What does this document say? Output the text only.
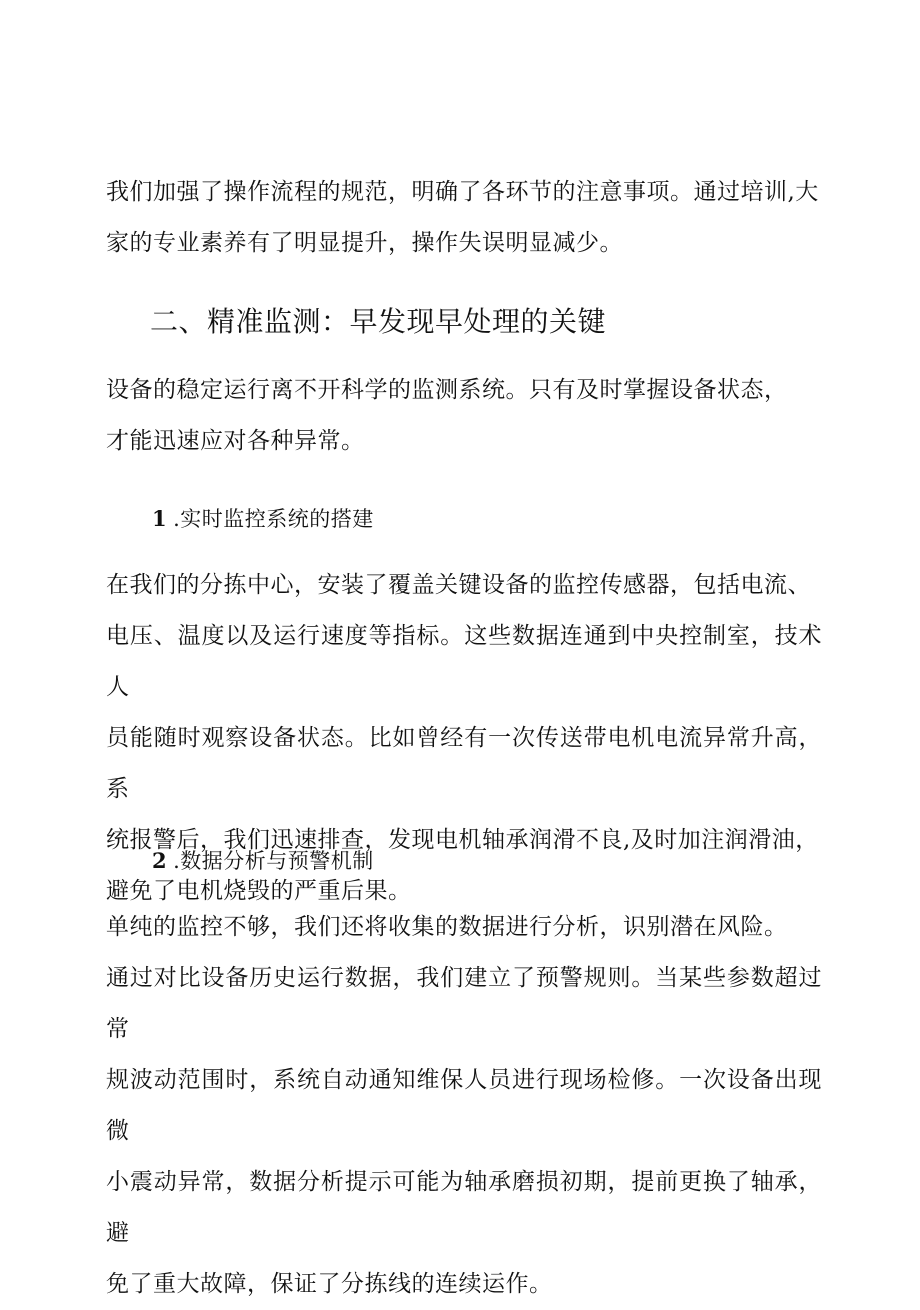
我们加强了操作流程的规范，明确了各环节的注意事项。通过培训,大
家的专业素养有了明显提升，操作失误明显减少。

二、精准监测：早发现早处理的关键

设备的稳定运行离不开科学的监测系统。只有及时掌握设备状态，
才能迅速应对各种异常。

1 .实时监控系统的搭建

在我们的分拣中心，安装了覆盖关键设备的监控传感器，包括电流、
电压、温度以及运行速度等指标。这些数据连通到中央控制室，技术人
员能随时观察设备状态。比如曾经有一次传送带电机电流异常升高，系
统报警后，我们迅速排查，发现电机轴承润滑不良,及时加注润滑油，
避免了电机烧毁的严重后果。

2 .数据分析与预警机制

单纯的监控不够，我们还将收集的数据进行分析，识别潜在风险。
通过对比设备历史运行数据，我们建立了预警规则。当某些参数超过常
规波动范围时，系统自动通知维保人员进行现场检修。一次设备出现微
小震动异常，数据分析提示可能为轴承磨损初期，提前更换了轴承，避
免了重大故障，保证了分拣线的连续运作。
